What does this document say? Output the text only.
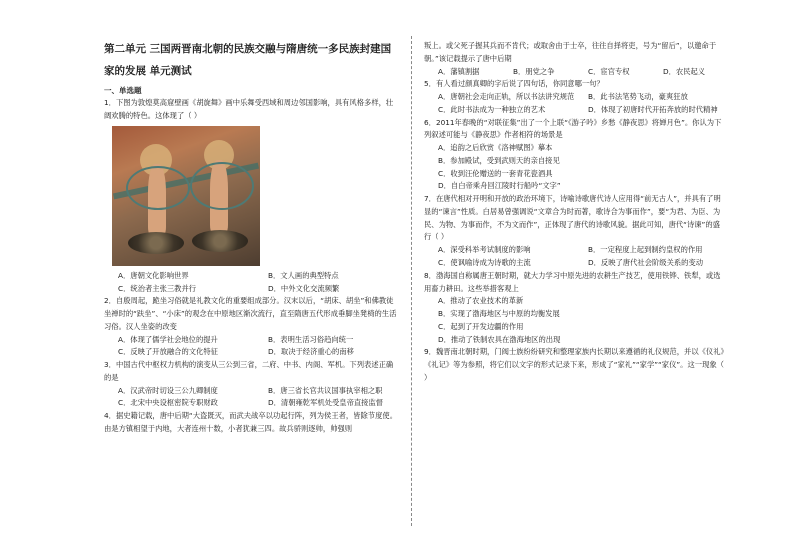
第二单元 三国两晋南北朝的民族交融与隋唐统一多民族封建国
家的发展 单元测试

一、单选题

1．下图为敦煌莫高窟壁画《胡旋舞》画中乐舞受西域和周边邻国影响，具有风格多样，壮阔欢腾的特色。这体现了（ ）

A．唐朝文化影响世界	B．文人画的典型特点

C．统治者主张三教并行	D．中外文化交流频繁

2．自殷周起，跪坐习俗就是礼教文化的重要组成部分。汉末以后，“胡床、胡坐”和佛教徒坐禅时的“趺坐”、“小床”的观念在中原地区渐次流行，直至隋唐五代形成垂脚坐凳椅的生活习俗。汉人坐姿的改变

A．体现了儒学社会地位的提升	B．表明生活习俗趋向统一

C．反映了开放融合的文化特征	D．取决于经济重心的南移

3．中国古代中枢权力机构的演变从三公到三省，二府、中书、内阁、军机。下列表述正确的是

A．汉武帝时切设三公九卿制度	B．唐三省长官共议国事执宰相之职

C．北宋中央设枢密院专职财政	D．清朝雍乾军机处受皇帝直接监督

4．据史籍记载，唐中后期“大盗既灭，而武夫战卒以功起行阵，列为侯王者，皆除节度使。由是方镇相望于内地，大者连州十数，小者犹兼三四。故兵骄则逐帅，帅强则

叛上。或父死子握其兵而不肯代；或取舍由于士卒，往往自择将吏，号为“留后”，以邀命于朝。”该记载提示了唐中后期

A．藩镇割据	B．朋党之争	C．宦官专权	D．农民起义

5．有人看过颜真卿的字后说了四句话，你同意哪一句？

A．唐朝社会走向正轨，所以书法讲究规范	B．此书法笔势飞动，豪爽狂放

C．此时书法成为一种独立的艺术	D．体现了初唐时代开拓奔放的时代精神

6．2011年春晚的“对联征集”出了一个上联“《游子吟》乡愁《静夜思》将婵月色”。你认为下列叙述可能与《静夜思》作者相符的场景是

A．追韵之后欣赏《洛神赋图》摹本

B．参加殿试，受到武则天的亲自接见

C．收到汪伦赠送的一套青花瓷酒具

D．自白帝乘舟回江陵时行船吟“文字”

7．在唐代相对开明和开放的政治环境下，诗喻诗歌唐代诗人应用得“前无古人”，并具有了明显的“谏言”性质。白居易曾强调说“文章合为时而著，歌诗合为事而作”，要“为君、为臣、为民、为物、为事而作，不为文而作”，正体现了唐代的诗歌风貌。据此可知，唐代“诗谏”的盛行（ ）

A．深受科举考试制度的影响	B．一定程度上起到制约皇权的作用

C．使讽喻诗成为诗歌的主流	D．反映了唐代社会阶级关系的变动

8．渤海国自称属唐王朝时期，就大力学习中原先进的农耕生产技艺，使用铁铧、铁犁，或选用畜力耕田。这些举措客观上

A．推动了农业技术的革新

B．实现了渤海地区与中原的均衡发展

C．起到了开发边疆的作用

D．推动了铁制农具在渤海地区的出现

9．魏晋南北朝时期，门阀士族纷纷研究和整理家族内长期以来遵循的礼仪规范，并以《仪礼》《礼记》等为参照，将它们以文字的形式记录下来，形成了“家礼”“家学”“家仪”。这一现象（ ）
